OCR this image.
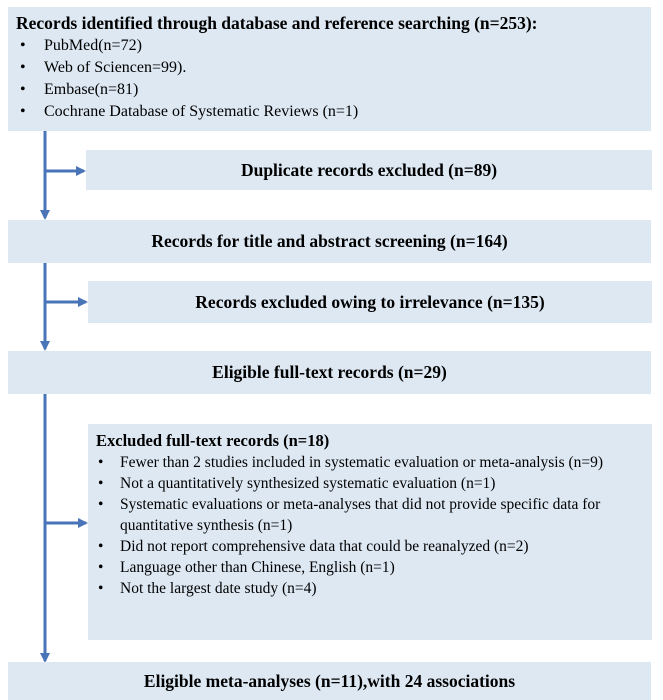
Records identified through database and reference searching (n=253):
• PubMed(n=72)
• Web of Sciencen=99).
• Embase(n=81)
• Cochrane Database of Systematic Reviews (n=1)
Duplicate records excluded (n=89)
Records for title and abstract screening (n=164)
Records excluded owing to irrelevance (n=135)
Eligible full-text records (n=29)
Excluded full-text records (n=18)
• Fewer than 2 studies included in systematic evaluation or meta-analysis (n=9)
• Not a quantitatively synthesized systematic evaluation (n=1)
• Systematic evaluations or meta-analyses that did not provide specific data for quantitative synthesis (n=1)
• Did not report comprehensive data that could be reanalyzed (n=2)
• Language other than Chinese, English (n=1)
• Not the largest date study (n=4)
Eligible meta-analyses (n=11),with 24 associations
